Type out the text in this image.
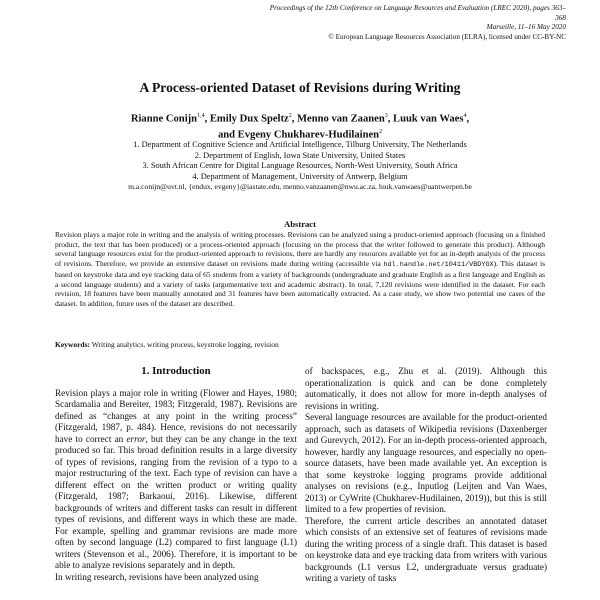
Proceedings of the 12th Conference on Language Resources and Evaluation (LREC 2020), pages 363–368
Marseille, 11–16 May 2020
© European Language Resources Association (ELRA), licensed under CC-BY-NC
A Process-oriented Dataset of Revisions during Writing
Rianne Conijn$^{1,4}$, Emily Dux Speltz$^2$, Menno van Zaanen$^3$, Luuk van Waes$^4$,
and Evgeny Chukharev-Hudilainen$^2$
1. Department of Cognitive Science and Artificial Intelligence, Tilburg University, The Netherlands
2. Department of English, Iowa State University, United States
3. South African Centre for Digital Language Resources, North-West University, South Africa
4. Department of Management, University of Antwerp, Belgium
m.a.conijn@uvt.nl, {endux, evgeny}@iastate.edu, menno.vanzaanen@nwu.ac.za, luuk.vanwaes@uantwerpen.be
Abstract
Revision plays a major role in writing and the analysis of writing processes. Revisions can be analyzed using a product-oriented approach (focusing on a finished product, the text that has been produced) or a process-oriented approach (focusing on the process that the writer followed to generate this product). Although several language resources exist for the product-oriented approach to revisions, there are hardly any resources available yet for an in-depth analysis of the process of revisions. Therefore, we provide an extensive dataset on revisions made during writing (accessible via hdl.handle.net/10411/VBDYGX). This dataset is based on keystroke data and eye tracking data of 65 students from a variety of backgrounds (undergraduate and graduate English as a first language and English as a second language students) and a variety of tasks (argumentative text and academic abstract). In total, 7,120 revisions were identified in the dataset. For each revision, 18 features have been manually annotated and 31 features have been automatically extracted. As a case study, we show two potential use cases of the dataset. In addition, future uses of the dataset are described.
Keywords: Writing analytics, writing process, keystroke logging, revision
1. Introduction

Revision plays a major role in writing (Flower and Hayes, 1980; Scardamalia and Bereiter, 1983; Fitzgerald, 1987). Revisions are defined as “changes at any point in the writing process” (Fitzgerald, 1987, p. 484). Hence, revisions do not necessarily have to correct an error, but they can be any change in the text produced so far. This broad definition results in a large diversity of types of revisions, ranging from the revision of a typo to a major restructuring of the text. Each type of revision can have a different effect on the written product or writing quality (Fitzgerald, 1987; Barkaoui, 2016). Likewise, different backgrounds of writers and different tasks can result in different types of revisions, and different ways in which these are made. For example, spelling and grammar revisions are made more often by second language (L2) compared to first language (L1) writers (Stevenson et al., 2006). Therefore, it is important to be able to analyze revisions separately and in depth.

In writing research, revisions have been analyzed using

of backspaces, e.g., Zhu et al. (2019). Although this operationalization is quick and can be done completely automatically, it does not allow for more in-depth analyses of revisions in writing.

Several language resources are available for the product-oriented approach, such as datasets of Wikipedia revisions (Daxenberger and Gurevych, 2012). For an in-depth process-oriented approach, however, hardly any language resources, and especially no open-source datasets, have been made available yet. An exception is that some keystroke logging programs provide additional analyses on revisions (e.g., Inputlog (Leijten and Van Waes, 2013) or CyWrite (Chukharev-Hudilainen, 2019)), but this is still limited to a few properties of revision.

Therefore, the current article describes an annotated dataset which consists of an extensive set of features of revisions made during the writing process of a single draft. This dataset is based on keystroke data and eye tracking data from writers with various backgrounds (L1 versus L2, undergraduate versus graduate) writing a variety of tasks
